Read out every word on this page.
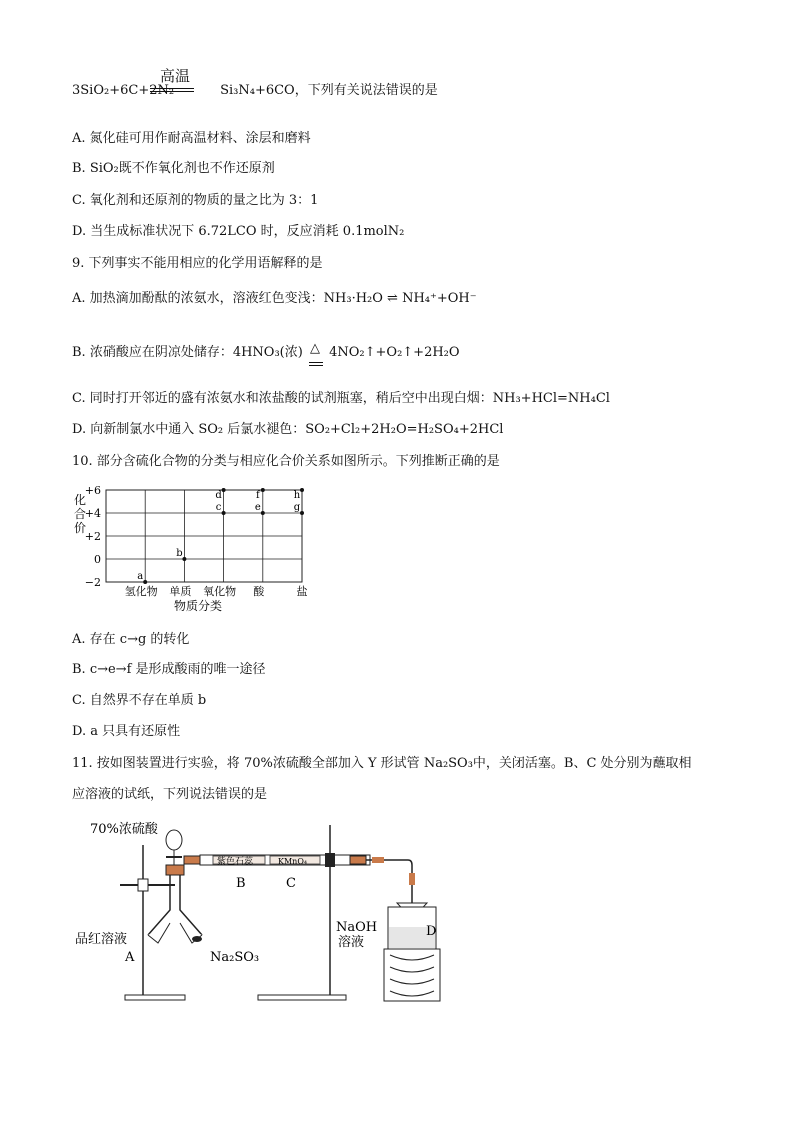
高温
3SiO₂+6C+2N₂	Si₃N₄+6CO，下列有关说法错误的是
A. 氮化硅可用作耐高温材料、涂层和磨料
B. SiO₂既不作氧化剂也不作还原剂
C. 氧化剂和还原剂的物质的量之比为 3：1
D. 当生成标准状况下 6.72LCO 时，反应消耗 0.1molN₂
9. 下列事实不能用相应的化学用语解释的是
A. 加热滴加酚酞的浓氨水，溶液红色变浅：NH₃·H₂O ⇌ NH₄⁺+OH⁻
B. 浓硝酸应在阴凉处储存：4HNO₃(浓) △ 4NO₂↑+O₂↑+2H₂O
C. 同时打开邻近的盛有浓氨水和浓盐酸的试剂瓶塞，稍后空中出现白烟：NH₃+HCl=NH₄Cl
D. 向新制氯水中通入 SO₂ 后氯水褪色：SO₂+Cl₂+2H₂O=H₂SO₄+2HCl
10. 部分含硫化合物的分类与相应化合价关系如图所示。下列推断正确的是
化
合
价
+6
+4
+2
0
−2
氢化物 单质 氧化物 酸	盐
a
b
c
d
e
f
g
h
物质分类
A. 存在 c→g 的转化
B. c→e→f 是形成酸雨的唯一途径
C. 自然界不存在单质 b
D. a 只具有还原性
11. 按如图装置进行实验，将 70%浓硫酸全部加入 Y 形试管 Na₂SO₃中，关闭活塞。B、C 处分别为蘸取相
应溶液的试纸，下列说法错误的是
紫色石蕊	KMnO₄
70%浓硫酸
B	C
品红溶液
A	Na₂SO₃
NaOH
溶液
D
